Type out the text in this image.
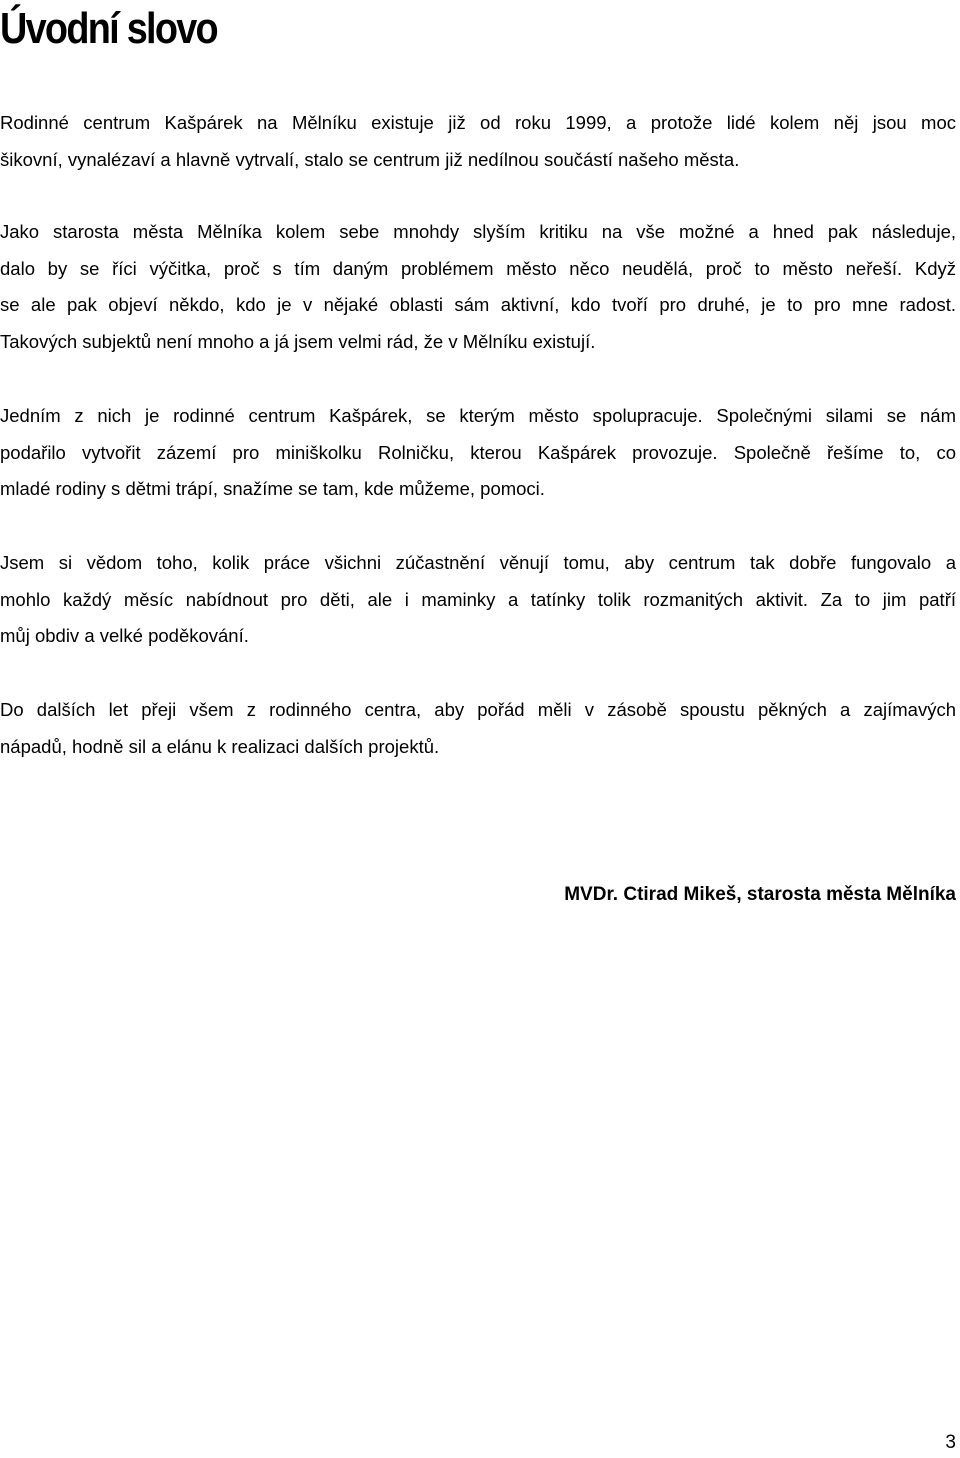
Úvodní slovo

Rodinné centrum Kašpárek na Mělníku existuje již od roku 1999, a protože lidé kolem něj jsou moc
šikovní, vynalézaví a hlavně vytrvalí, stalo se centrum již nedílnou součástí našeho města.

Jako starosta města Mělníka kolem sebe mnohdy slyším kritiku na vše možné a hned pak následuje,
dalo by se říci výčitka, proč s tím daným problémem město něco neudělá, proč to město neřeší. Když
se ale pak objeví někdo, kdo je v nějaké oblasti sám aktivní, kdo tvoří pro druhé, je to pro mne radost.
Takových subjektů není mnoho a já jsem velmi rád, že v Mělníku existují.

Jedním z nich je rodinné centrum Kašpárek, se kterým město spolupracuje. Společnými silami se nám
podařilo vytvořit zázemí pro miniškolku Rolničku, kterou Kašpárek provozuje. Společně řešíme to, co
mladé rodiny s dětmi trápí, snažíme se tam, kde můžeme, pomoci.

Jsem si vědom toho, kolik práce všichni zúčastnění věnují tomu, aby centrum tak dobře fungovalo a
mohlo každý měsíc nabídnout pro děti, ale i maminky a tatínky tolik rozmanitých aktivit. Za to jim patří
můj obdiv a velké poděkování.

Do dalších let přeji všem z rodinného centra, aby pořád měli v zásobě spoustu pěkných a zajímavých
nápadů, hodně sil a elánu k realizaci dalších projektů.

MVDr. Ctirad Mikeš, starosta města Mělníka

3
